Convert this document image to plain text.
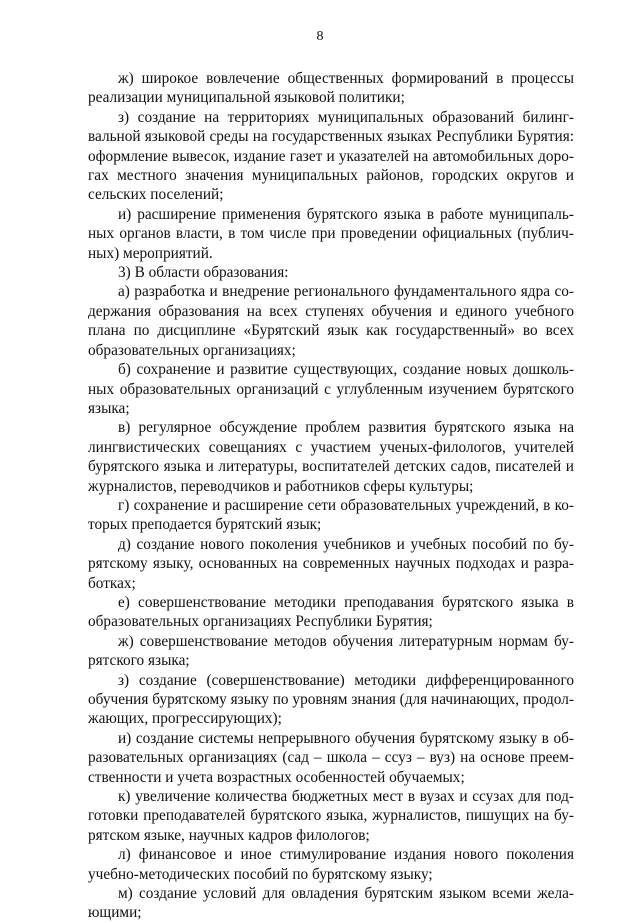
8

ж) широкое вовлечение общественных формирований в процессы реализации муниципальной языковой политики;

з) создание на территориях муниципальных образований билингвальной языковой среды на государственных языках Республики Бурятия: оформление вывесок, издание газет и указателей на автомобильных дорогах местного значения муниципальных районов, городских округов и сельских поселений;

и) расширение применения бурятского языка в работе муниципальных органов власти, в том числе при проведении официальных (публичных) мероприятий.

3) В области образования:

а) разработка и внедрение регионального фундаментального ядра содержания образования на всех ступенях обучения и единого учебного плана по дисциплине «Бурятский язык как государственный» во всех образовательных организациях;

б) сохранение и развитие существующих, создание новых дошкольных образовательных организаций с углубленным изучением бурятского языка;

в) регулярное обсуждение проблем развития бурятского языка на лингвистических совещаниях с участием ученых-филологов, учителей бурятского языка и литературы, воспитателей детских садов, писателей и журналистов, переводчиков и работников сферы культуры;

г) сохранение и расширение сети образовательных учреждений, в которых преподается бурятский язык;

д) создание нового поколения учебников и учебных пособий по бурятскому языку, основанных на современных научных подходах и разработках;

е) совершенствование методики преподавания бурятского языка в образовательных организациях Республики Бурятия;

ж) совершенствование методов обучения литературным нормам бурятского языка;

з) создание (совершенствование) методики дифференцированного обучения бурятскому языку по уровням знания (для начинающих, продолжающих, прогрессирующих);

и) создание системы непрерывного обучения бурятскому языку в образовательных организациях (сад – школа – ссуз – вуз) на основе преемственности и учета возрастных особенностей обучаемых;

к) увеличение количества бюджетных мест в вузах и ссузах для подготовки преподавателей бурятского языка, журналистов, пишущих на бурятском языке, научных кадров филологов;

л) финансовое и иное стимулирование издания нового поколения учебно-методических пособий по бурятскому языку;

м) создание условий для овладения бурятским языком всеми желающими;
